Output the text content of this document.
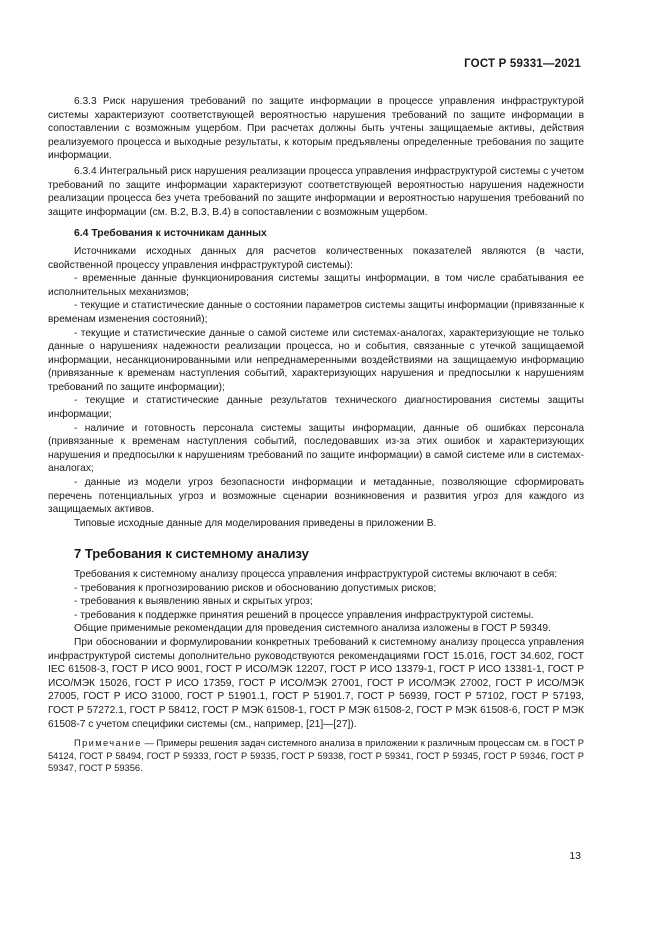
ГОСТ Р 59331—2021

6.3.3 Риск нарушения требований по защите информации в процессе управления инфраструктурой системы характеризуют соответствующей вероятностью нарушения требований по защите информации в сопоставлении с возможным ущербом. При расчетах должны быть учтены защищаемые активы, действия реализуемого процесса и выходные результаты, к которым предъявлены определенные требования по защите информации.

6.3.4 Интегральный риск нарушения реализации процесса управления инфраструктурой системы с учетом требований по защите информации характеризуют соответствующей вероятностью нарушения надежности реализации процесса без учета требований по защите информации и вероятностью нарушения требований по защите информации (см. В.2, В.3, В.4) в сопоставлении с возможным ущербом.

6.4 Требования к источникам данных

Источниками исходных данных для расчетов количественных показателей являются (в части, свойственной процессу управления инфраструктурой системы):

- временные данные функционирования системы защиты информации, в том числе срабатывания ее исполнительных механизмов;

- текущие и статистические данные о состоянии параметров системы защиты информации (привязанные к временам изменения состояний);

- текущие и статистические данные о самой системе или системах-аналогах, характеризующие не только данные о нарушениях надежности реализации процесса, но и события, связанные с утечкой защищаемой информации, несанкционированными или непреднамеренными воздействиями на защищаемую информацию (привязанные к временам наступления событий, характеризующих нарушения и предпосылки к нарушениям требований по защите информации);

- текущие и статистические данные результатов технического диагностирования системы защиты информации;

- наличие и готовность персонала системы защиты информации, данные об ошибках персонала (привязанные к временам наступления событий, последовавших из-за этих ошибок и характеризующих нарушения и предпосылки к нарушениям требований по защите информации) в самой системе или в системах-аналогах;

- данные из модели угроз безопасности информации и метаданные, позволяющие сформировать перечень потенциальных угроз и возможные сценарии возникновения и развития угроз для каждого из защищаемых активов.

Типовые исходные данные для моделирования приведены в приложении В.

7 Требования к системному анализу

Требования к системному анализу процесса управления инфраструктурой системы включают в себя:

- требования к прогнозированию рисков и обоснованию допустимых рисков;

- требования к выявлению явных и скрытых угроз;

- требования к поддержке принятия решений в процессе управления инфраструктурой системы.

Общие применимые рекомендации для проведения системного анализа изложены в ГОСТ Р 59349.

При обосновании и формулировании конкретных требований к системному анализу процесса управления инфраструктурой системы дополнительно руководствуются рекомендациями ГОСТ 15.016, ГОСТ 34.602, ГОСТ IEC 61508-3, ГОСТ Р ИСО 9001, ГОСТ Р ИСО/МЭК 12207, ГОСТ Р ИСО 13379-1, ГОСТ Р ИСО 13381-1, ГОСТ Р ИСО/МЭК 15026, ГОСТ Р ИСО 17359, ГОСТ Р ИСО/МЭК 27001, ГОСТ Р ИСО/МЭК 27002, ГОСТ Р ИСО/МЭК 27005, ГОСТ Р ИСО 31000, ГОСТ Р 51901.1, ГОСТ Р 51901.7, ГОСТ Р 56939, ГОСТ Р 57102, ГОСТ Р 57193, ГОСТ Р 57272.1, ГОСТ Р 58412, ГОСТ Р МЭК 61508-1, ГОСТ Р МЭК 61508-2, ГОСТ Р МЭК 61508-6, ГОСТ Р МЭК 61508-7 с учетом специфики системы (см., например, [21]—[27]).

Примечание — Примеры решения задач системного анализа в приложении к различным процессам см. в ГОСТ Р 54124, ГОСТ Р 58494, ГОСТ Р 59333, ГОСТ Р 59335, ГОСТ Р 59338, ГОСТ Р 59341, ГОСТ Р 59345, ГОСТ Р 59346, ГОСТ Р 59347, ГОСТ Р 59356.

13
